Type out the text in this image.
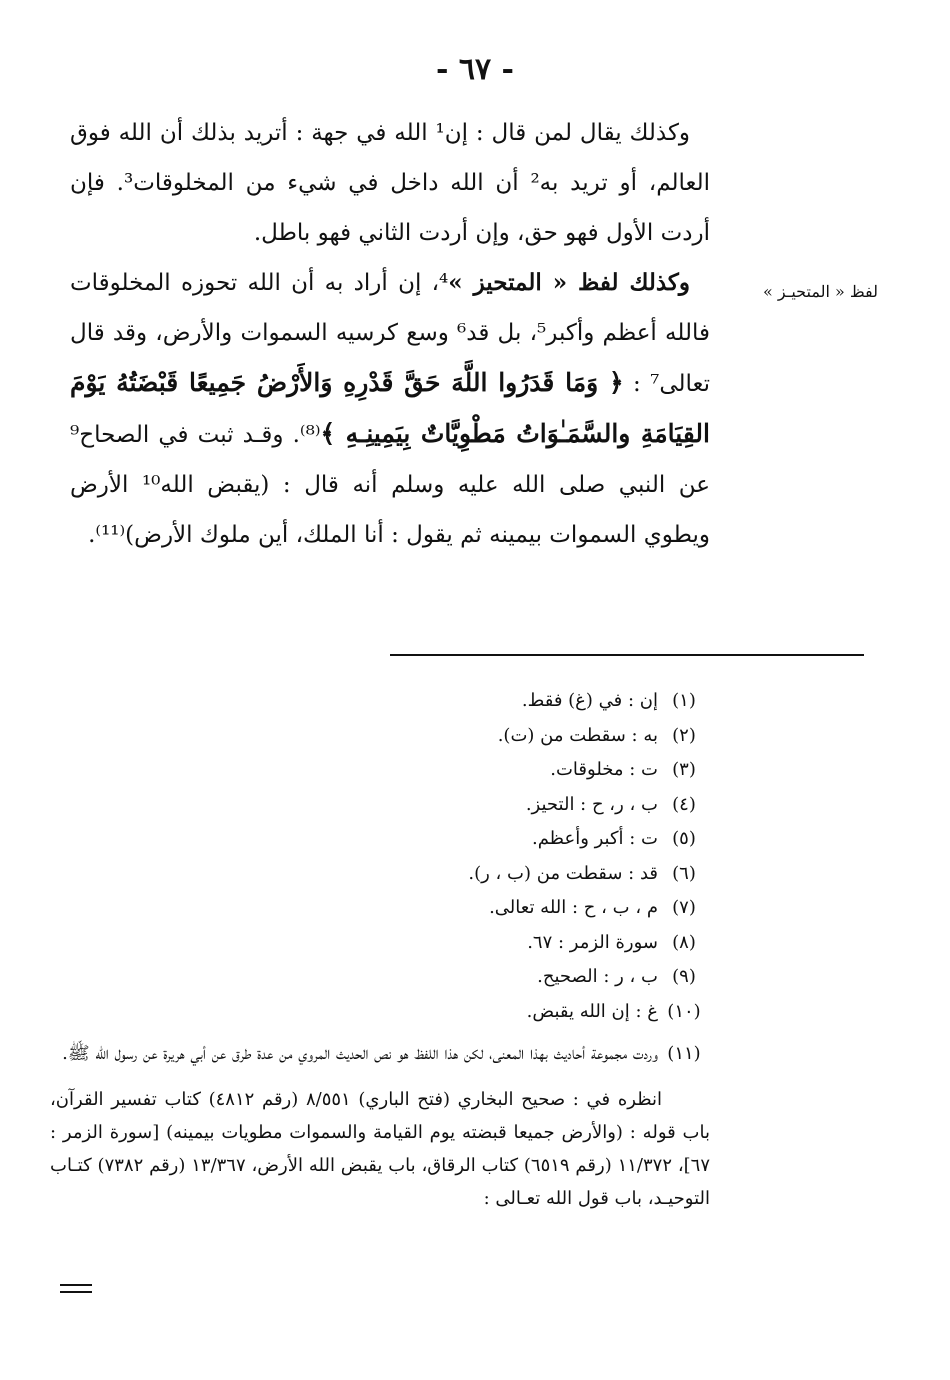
- ٦٧ -
لفظ « المتحيـز »

وكذلك يقال لمن قال : إن¹ الله في جهة : أتريد بذلك أن الله فوق العالم، أو تريد به² أن الله داخل في شيء من المخلوقات³. فإن أردت الأول فهو حق، وإن أردت الثاني فهو باطل.

وكذلك لفظ « المتحيز »⁴، إن أراد به أن الله تحوزه المخلوقات فالله أعظم وأكبر⁵، بل قد⁶ وسع كرسيه السموات والأرض، وقد قال تعالى⁷ : ﴿ وَمَا قَدَرُوا اللَّهَ حَقَّ قَدْرِهِ وَالأَرْضُ جَمِيعًا قَبْضَتُهُ يَوْمَ القِيَامَةِ والسَّمَـٰوَاتُ مَطْوِيَّاتٌ بِيَمِينِـهِ ﴾⁽⁸⁾. وقـد ثبت في الصحاح⁹ عن النبي صلى الله عليه وسلم أنه قال : (يقبض الله¹⁰ الأرض ويطوي السموات بيمينه ثم يقول : أنا الملك، أين ملوك الأرض)⁽¹¹⁾.

(١)
إن : في (غ) فقط.
(٢)
به : سقطت من (ت).
(٣)
ت : مخلوقات.
(٤)
ب ، ر، ح : التحيز.
(٥)
ت : أكبر وأعظم.
(٦)
قد : سقطت من (ب ، ر).
(٧)
م ، ب ، ح : الله تعالى.
(٨)
سورة الزمر : ٦٧.
(٩)
ب ، ر : الصحيح.
(١٠)
غ : إن الله يقبض.
(١١)
وردت مجموعة أحاديث بهذا المعنى، لكن هذا اللفظ هو نص الحديث المروي من عدة طرق عن أبي هريرة عن رسول الله ﷺ.
انظره في : صحيح البخاري (فتح الباري) ٨/٥٥١ (رقم ٤٨١٢) كتاب تفسير القرآن، باب قوله : (والأرض جميعا قبضته يوم القيامة والسموات مطويات بيمينه) [سورة الزمر : ٦٧]، ١١/٣٧٢ (رقم ٦٥١٩) كتاب الرقاق، باب يقبض الله الأرض، ١٣/٣٦٧ (رقم ٧٣٨٢) كتـاب التوحيـد، باب قول الله تعـالى :
